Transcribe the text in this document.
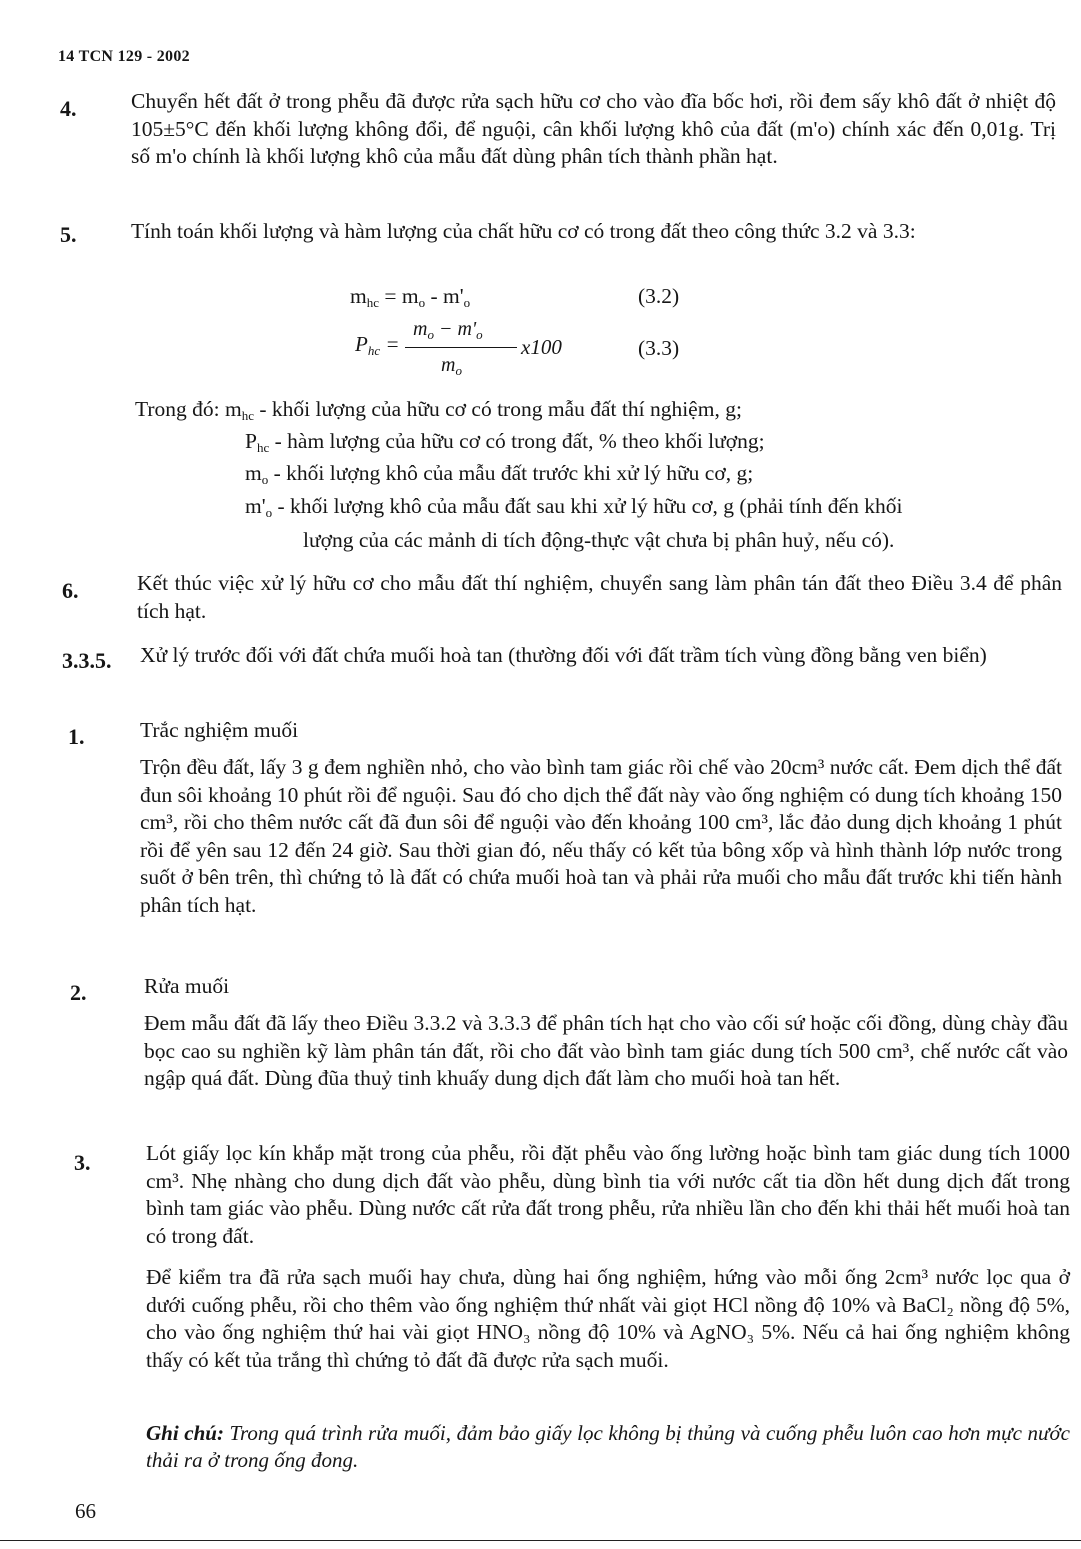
14 TCN 129 - 2002
4.	Chuyển hết đất ở trong phễu đã được rửa sạch hữu cơ cho vào đĩa bốc hơi, rồi đem sấy khô đất ở nhiệt độ 105±5°C đến khối lượng không đổi, để nguội, cân khối lượng khô của đất (m'o) chính xác đến 0,01g. Trị số m'o chính là khối lượng khô của mẫu đất dùng phân tích thành phần hạt.
5.	Tính toán khối lượng và hàm lượng của chất hữu cơ có trong đất theo công thức 3.2 và 3.3:
$m_{hc} = m_o - m'_o$	(3.2)
$P_{hc}$ =
$m_o - m'_o$
$m_o$
x100	(3.3)
Trong đó: $m_{hc}$ - khối lượng của hữu cơ có trong mẫu đất thí nghiệm, g;
$P_{hc}$ - hàm lượng của hữu cơ có trong đất, % theo khối lượng;
$m_o$ - khối lượng khô của mẫu đất trước khi xử lý hữu cơ, g;
$m'_o$ - khối lượng khô của mẫu đất sau khi xử lý hữu cơ, g (phải tính đến khối
lượng của các mảnh di tích động-thực vật chưa bị phân huỷ, nếu có).
6.	Kết thúc việc xử lý hữu cơ cho mẫu đất thí nghiệm, chuyển sang làm phân tán đất theo Điều 3.4 để phân tích hạt.
3.3.5. Xử lý trước đối với đất chứa muối hoà tan (thường đối với đất trầm tích vùng đồng bằng ven biển)
1.	Trắc nghiệm muối
Trộn đều đất, lấy 3 g đem nghiền nhỏ, cho vào bình tam giác rồi chế vào 20cm³ nước cất. Đem dịch thể đất đun sôi khoảng 10 phút rồi để nguội. Sau đó cho dịch thể đất này vào ống nghiệm có dung tích khoảng 150 cm³, rồi cho thêm nước cất đã đun sôi để nguội vào đến khoảng 100 cm³, lắc đảo dung dịch khoảng 1 phút rồi để yên sau 12 đến 24 giờ. Sau thời gian đó, nếu thấy có kết tủa bông xốp và hình thành lớp nước trong suốt ở bên trên, thì chứng tỏ là đất có chứa muối hoà tan và phải rửa muối cho mẫu đất trước khi tiến hành phân tích hạt.
2.	Rửa muối
Đem mẫu đất đã lấy theo Điều 3.3.2 và 3.3.3 để phân tích hạt cho vào cối sứ hoặc cối đồng, dùng chày đầu bọc cao su nghiền kỹ làm phân tán đất, rồi cho đất vào bình tam giác dung tích 500 cm³, chế nước cất vào ngập quá đất. Dùng đũa thuỷ tinh khuấy dung dịch đất làm cho muối hoà tan hết.
3.	Lót giấy lọc kín khắp mặt trong của phễu, rồi đặt phễu vào ống lường hoặc bình tam giác dung tích 1000 cm³. Nhẹ nhàng cho dung dịch đất vào phễu, dùng bình tia với nước cất tia dồn hết dung dịch đất trong bình tam giác vào phễu. Dùng nước cất rửa đất trong phễu, rửa nhiều lần cho đến khi thải hết muối hoà tan có trong đất.
Để kiểm tra đã rửa sạch muối hay chưa, dùng hai ống nghiệm, hứng vào mỗi ống 2cm³ nước lọc qua ở dưới cuống phễu, rồi cho thêm vào ống nghiệm thứ nhất vài giọt HCl nồng độ 10% và BaCl₂ nồng độ 5%, cho vào ống nghiệm thứ hai vài giọt HNO₃ nồng độ 10% và AgNO₃ 5%. Nếu cả hai ống nghiệm không thấy có kết tủa trắng thì chứng tỏ đất đã được rửa sạch muối.
Ghi chú: Trong quá trình rửa muối, đảm bảo giấy lọc không bị thủng và cuống phễu luôn cao hơn mực nước thải ra ở trong ống đong.
66
